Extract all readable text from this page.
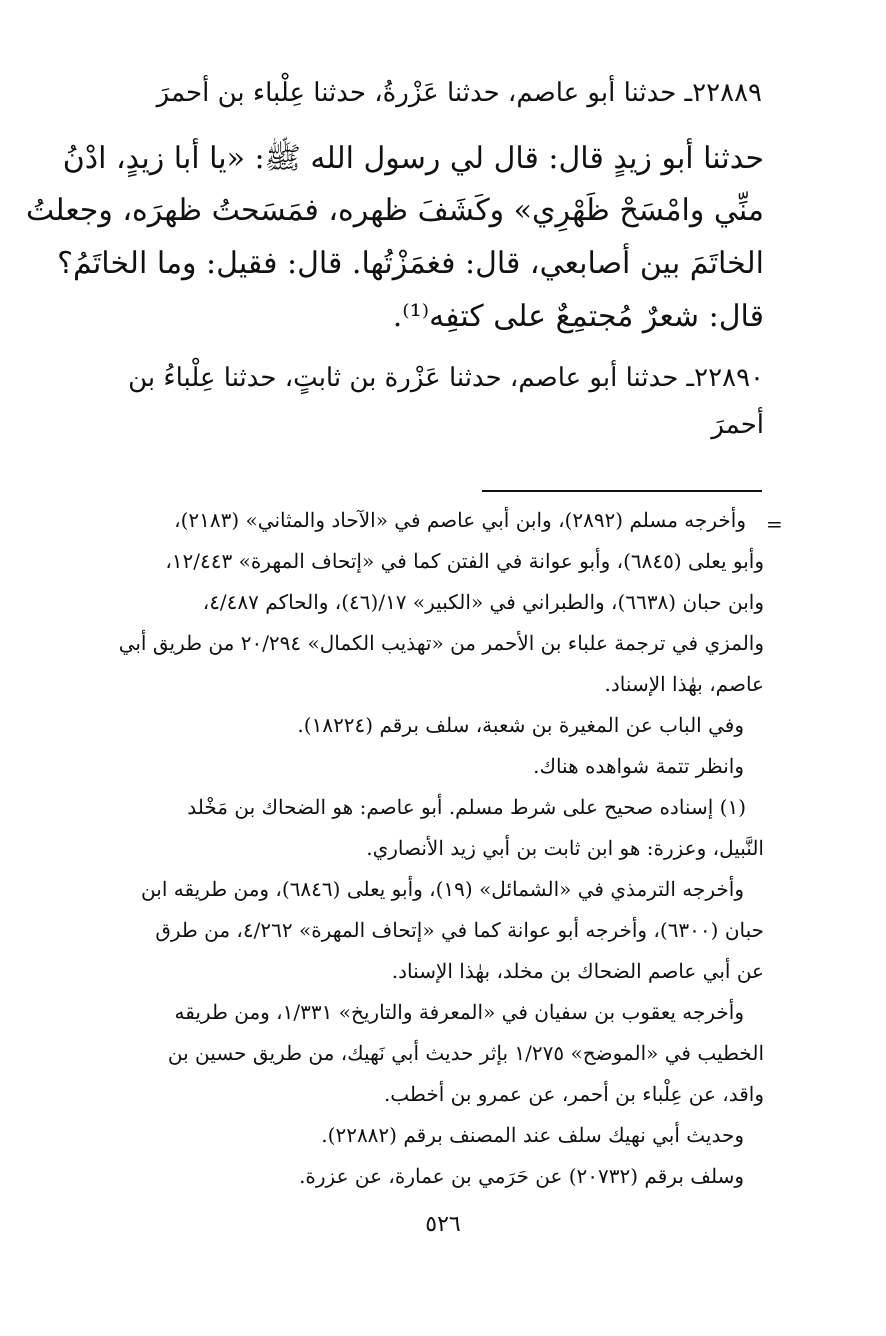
٢٢٨٨٩ـ حدثنا أبو عاصم، حدثنا عَزْرةُ، حدثنا عِلْباء بن أحمرَ
حدثنا أبو زيدٍ قال: قال لي رسول الله ﷺ: «يا أبا زيدٍ، ادْنُ
منِّي وامْسَحْ ظَهْرِي» وكَشَفَ ظهره، فمَسَحتُ ظهرَه، وجعلتُ
الخاتَمَ بين أصابعي، قال: فغمَزْتُها. قال: فقيل: وما الخاتَمُ؟
قال: شعرٌ مُجتمِعٌ على كتفِه⁽¹⁾.
٢٢٨٩٠ـ حدثنا أبو عاصم، حدثنا عَزْرة بن ثابتٍ، حدثنا عِلْباءُ بن
أحمرَ
=
وأخرجه مسلم (٢٨٩٢)، وابن أبي عاصم في «الآحاد والمثاني» (٢١٨٣)،
وأبو يعلى (٦٨٤٥)، وأبو عوانة في الفتن كما في «إتحاف المهرة» ١٢/٤٤٣،
وابن حبان (٦٦٣٨)، والطبراني في «الكبير» ١٧/(٤٦)، والحاكم ٤/٤٨٧،
والمزي في ترجمة علباء بن الأحمر من «تهذيب الكمال» ٢٠/٢٩٤ من طريق أبي
عاصم، بهٰذا الإسناد.
وفي الباب عن المغيرة بن شعبة، سلف برقم (١٨٢٢٤).
وانظر تتمة شواهده هناك.
(١) إسناده صحيح على شرط مسلم. أبو عاصم: هو الضحاك بن مَخْلد
النَّبيل، وعزرة: هو ابن ثابت بن أبي زيد الأنصاري.
وأخرجه الترمذي في «الشمائل» (١٩)، وأبو يعلى (٦٨٤٦)، ومن طريقه ابن
حبان (٦٣٠٠)، وأخرجه أبو عوانة كما في «إتحاف المهرة» ٤/٢٦٢، من طرق
عن أبي عاصم الضحاك بن مخلد، بهٰذا الإسناد.
وأخرجه يعقوب بن سفيان في «المعرفة والتاريخ» ١/٣٣١، ومن طريقه
الخطيب في «الموضح» ١/٢٧٥ بإثر حديث أبي نَهيك، من طريق حسين بن
واقد، عن عِلْباء بن أحمر، عن عمرو بن أخطب.
وحديث أبي نهيك سلف عند المصنف برقم (٢٢٨٨٢).
وسلف برقم (٢٠٧٣٢) عن حَرَمي بن عمارة، عن عزرة.
٥٢٦
